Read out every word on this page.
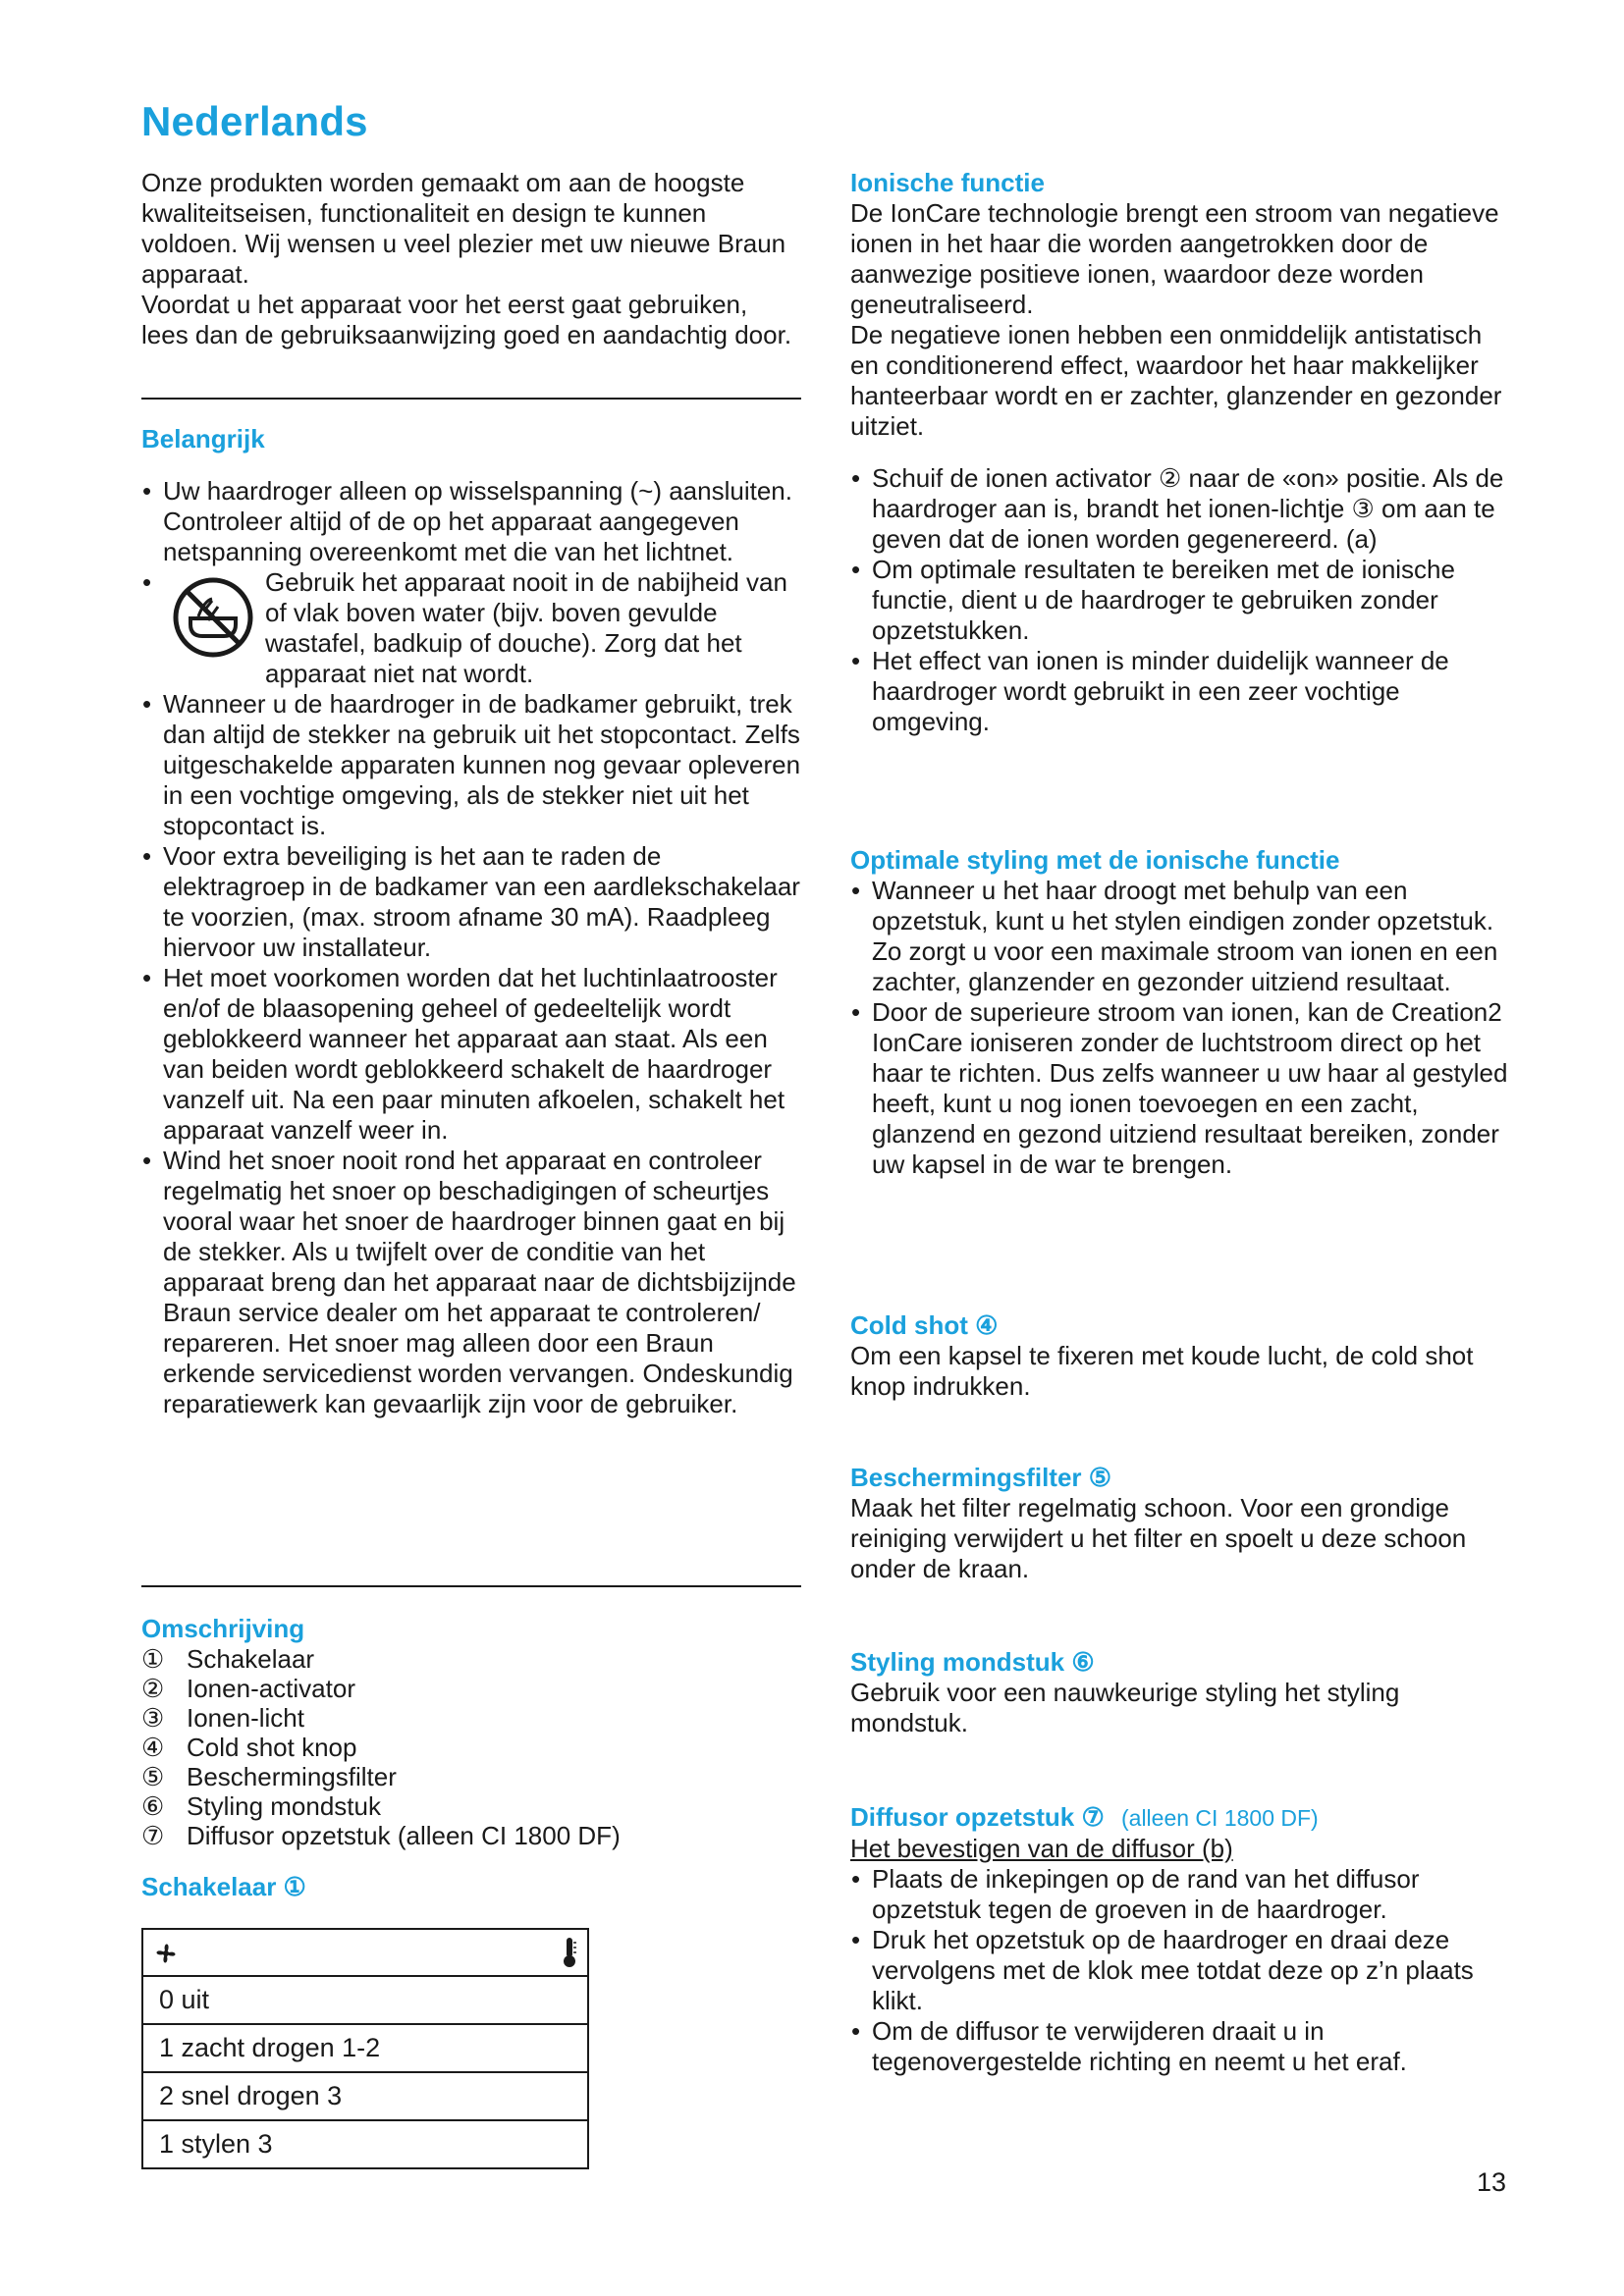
Nederlands

Onze produkten worden gemaakt om aan de hoogste kwaliteitseisen, functionaliteit en design te kunnen voldoen. Wij wensen u veel plezier met uw nieuwe Braun apparaat.

Voordat u het apparaat voor het eerst gaat gebruiken, lees dan de gebruiksaanwijzing goed en aandachtig door.

Belangrijk
• Uw haardroger alleen op wisselspanning (~) aansluiten. Controleer altijd of de op het apparaat aangegeven netspanning overeenkomt met die van het lichtnet.
• Gebruik het apparaat nooit in de nabijheid van of vlak boven water (bijv. boven gevulde wastafel, badkuip of douche). Zorg dat het apparaat niet nat wordt.
• Wanneer u de haardroger in de badkamer gebruikt, trek dan altijd de stekker na gebruik uit het stopcontact. Zelfs uitgeschakelde apparaten kunnen nog gevaar opleveren in een vochtige omgeving, als de stekker niet uit het stopcontact is.
• Voor extra beveiliging is het aan te raden de elektragroep in de badkamer van een aardlekschakelaar te voorzien, (max. stroom afname 30 mA). Raadpleeg hiervoor uw installateur.
• Het moet voorkomen worden dat het luchtinlaatrooster en/of de blaasopening geheel of gedeeltelijk wordt geblokkeerd wanneer het apparaat aan staat. Als een van beiden wordt geblokkeerd schakelt de haardroger vanzelf uit. Na een paar minuten afkoelen, schakelt het apparaat vanzelf weer in.
• Wind het snoer nooit rond het apparaat en controleer regelmatig het snoer op beschadigingen of scheurtjes vooral waar het snoer de haardroger binnen gaat en bij de stekker. Als u twijfelt over de conditie van het apparaat breng dan het apparaat naar de dichtsbijzijnde Braun service dealer om het apparaat te controleren/ repareren. Het snoer mag alleen door een Braun erkende servicedienst worden vervangen. Ondeskundig reparatiewerk kan gevaarlijk zijn voor de gebruiker.
Omschrijving
① Schakelaar
② Ionen-activator
③ Ionen-licht
④ Cold shot knop
⑤ Beschermingsfilter
⑥ Styling mondstuk
⑦ Diffusor opzetstuk (alleen CI 1800 DF)
Schakelaar ①

0 uit
1 zacht drogen 1-2
2 snel drogen 3
1 stylen 3
Ionische functie

De IonCare technologie brengt een stroom van negatieve ionen in het haar die worden aangetrokken door de aanwezige positieve ionen, waardoor deze worden geneutraliseerd.

De negatieve ionen hebben een onmiddelijk antistatisch en conditionerend effect, waardoor het haar makkelijker hanteerbaar wordt en er zachter, glanzender en gezonder uitziet.

• Schuif de ionen activator ② naar de «on» positie. Als de haardroger aan is, brandt het ionen-lichtje ③ om aan te geven dat de ionen worden gegenereerd. (a)
• Om optimale resultaten te bereiken met de ionische functie, dient u de haardroger te gebruiken zonder opzetstukken.
• Het effect van ionen is minder duidelijk wanneer de haardroger wordt gebruikt in een zeer vochtige omgeving.
Optimale styling met de ionische functie
• Wanneer u het haar droogt met behulp van een opzetstuk, kunt u het stylen eindigen zonder opzetstuk. Zo zorgt u voor een maximale stroom van ionen en een zachter, glanzender en gezonder uitziend resultaat.
• Door de superieure stroom van ionen, kan de Creation2 IonCare ioniseren zonder de luchtstroom direct op het haar te richten. Dus zelfs wanneer u uw haar al gestyled heeft, kunt u nog ionen toevoegen en een zacht, glanzend en gezond uitziend resultaat bereiken, zonder uw kapsel in de war te brengen.
Cold shot ④

Om een kapsel te fixeren met koude lucht, de cold shot knop indrukken.

Beschermingsfilter ⑤

Maak het filter regelmatig schoon. Voor een grondige reiniging verwijdert u het filter en spoelt u deze schoon onder de kraan.

Styling mondstuk ⑥

Gebruik voor een nauwkeurige styling het styling mondstuk.

Diffusor opzetstuk ⑦ (alleen CI 1800 DF)

Het bevestigen van de diffusor (b)

• Plaats de inkepingen op de rand van het diffusor opzetstuk tegen de groeven in de haardroger.
• Druk het opzetstuk op de haardroger en draai deze vervolgens met de klok mee totdat deze op z’n plaats klikt.
• Om de diffusor te verwijderen draait u in tegenovergestelde richting en neemt u het eraf.
13
